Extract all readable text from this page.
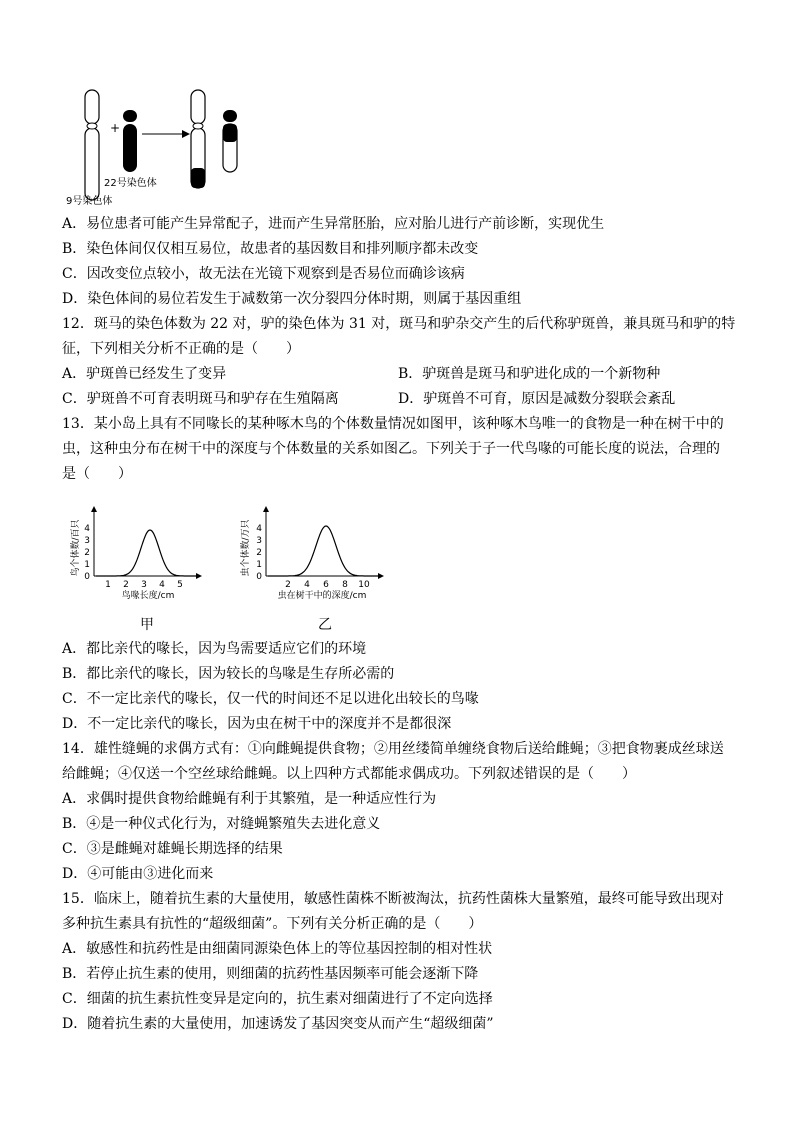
+
22号染色体
9号染色体
A．易位患者可能产生异常配子，进而产生异常胚胎，应对胎儿进行产前诊断，实现优生
B．染色体间仅仅相互易位，故患者的基因数目和排列顺序都未改变
C．因改变位点较小，故无法在光镜下观察到是否易位而确诊该病
D．染色体间的易位若发生于减数第一次分裂四分体时期，则属于基因重组
12．斑马的染色体数为 22 对，驴的染色体为 31 对，斑马和驴杂交产生的后代称驴斑兽，兼具斑马和驴的特
征，下列相关分析不正确的是（　　）
A．驴斑兽已经发生了变异	B．驴斑兽是斑马和驴进化成的一个新物种
C．驴斑兽不可育表明斑马和驴存在生殖隔离	D．驴斑兽不可育，原因是减数分裂联会紊乱
13．某小岛上具有不同喙长的某种啄木鸟的个体数量情况如图甲，该种啄木鸟唯一的食物是一种在树干中的
虫，这种虫分布在树干中的深度与个体数量的关系如图乙。下列关于子一代鸟喙的可能长度的说法，合理的
是（　　）
鸟个体数/百只
0
1
2
3
4
1 2 3 4 5
鸟喙长度/cm
甲
虫个体数/万只
0
1
2
3
4
2 4 6 8 10
虫在树干中的深度/cm
乙
A．都比亲代的喙长，因为鸟需要适应它们的环境
B．都比亲代的喙长，因为较长的鸟喙是生存所必需的
C．不一定比亲代的喙长，仅一代的时间还不足以进化出较长的鸟喙
D．不一定比亲代的喙长，因为虫在树干中的深度并不是都很深
14．雄性缝蝇的求偶方式有：①向雌蝇提供食物；②用丝缕简单缠绕食物后送给雌蝇；③把食物裹成丝球送
给雌蝇；④仅送一个空丝球给雌蝇。以上四种方式都能求偶成功。下列叙述错误的是（　　）
A．求偶时提供食物给雌蝇有利于其繁殖，是一种适应性行为
B．④是一种仪式化行为，对缝蝇繁殖失去进化意义
C．③是雌蝇对雄蝇长期选择的结果
D．④可能由③进化而来
15．临床上，随着抗生素的大量使用，敏感性菌株不断被淘汰，抗药性菌株大量繁殖，最终可能导致出现对
多种抗生素具有抗性的“超级细菌”。下列有关分析正确的是（　　）
A．敏感性和抗药性是由细菌同源染色体上的等位基因控制的相对性状
B．若停止抗生素的使用，则细菌的抗药性基因频率可能会逐渐下降
C．细菌的抗生素抗性变异是定向的，抗生素对细菌进行了不定向选择
D．随着抗生素的大量使用，加速诱发了基因突变从而产生“超级细菌”
